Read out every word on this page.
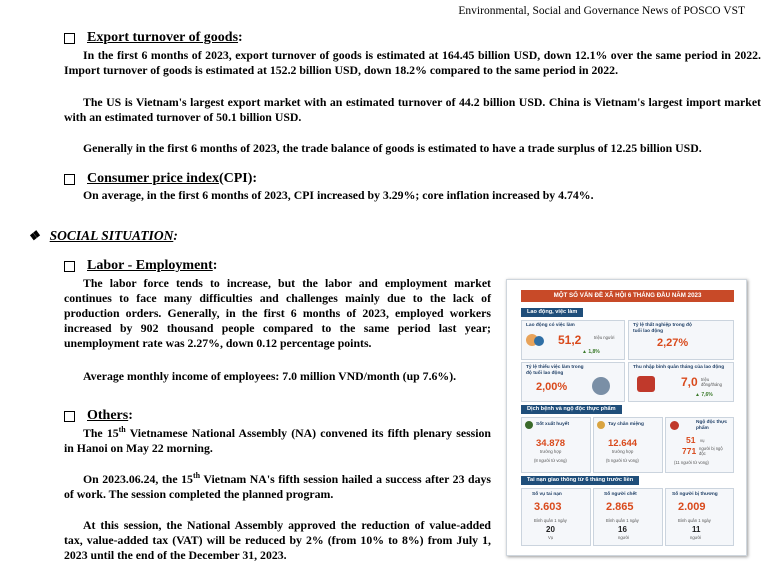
Environmental, Social and Governance News of POSCO VST
Export turnover of goods :
In the first 6 months of 2023, export turnover of goods is estimated at 164.45 billion USD, down 12.1% over the same period in 2022. Import turnover of goods is estimated at 152.2 billion USD, down 18.2% compared to the same period in 2022.
The US is Vietnam's largest export market with an estimated turnover of 44.2 billion USD. China is Vietnam's largest import market with an estimated turnover of 50.1 billion USD.
Generally in the first 6 months of 2023, the trade balance of goods is estimated to have a trade surplus of 12.25 billion USD.
Consumer price index (CPI):
On average, in the first 6 months of 2023, CPI increased by 3.29%; core inflation increased by 4.74%.
❖ SOCIAL SITUATION :
Labor - Employment :
The labor force tends to increase, but the labor and employment market continues to face many difficulties and challenges mainly due to the lack of production orders. Generally, in the first 6 months of 2023, employed workers increased by 902 thousand people compared to the same period last year; unemployment rate was 2.27%, down 0.12 percentage points.
Average monthly income of employees: 7.0 million VND/month (up 7.6%).
Others :
The 15th Vietnamese National Assembly (NA) convened its fifth plenary session in Hanoi on May 22 morning.
On 2023.06.24, the 15th Vietnam NA's fifth session hailed a success after 23 days of work. The session completed the planned program.
At this session, the National Assembly approved the reduction of value-added tax, value-added tax (VAT) will be reduced by 2% (from 10% to 8%) from July 1, 2023 until the end of the December 31, 2023.
MỘT SỐ VẤN ĐỀ XÃ HỘI 6 THÁNG ĐẦU NĂM 2023
Lao động, việc làm
Lao động có việc làm
51,2	triệu người
▲ 1,8%
Tỷ lệ thất nghiệp trong độ tuổi lao động
2,27%
Tỷ lệ thiếu việc làm trong độ tuổi lao động
2,00%
Thu nhập bình quân tháng của lao động
7,0 triệu đồng/tháng
▲ 7,6%
Dịch bệnh và ngộ độc thực phẩm
Sốt xuất huyết
34.878
trường hợp
(8 người tử vong)
Tay chân miệng
12.644
trường hợp
(5 người tử vong)
Ngộ độc thực phẩm
51 vụ
771 người bị ngộ độc
(11 người tử vong)
Tai nạn giao thông từ 6 tháng trước liền
Số vụ tai nạn
3.603
Bình quân 1 ngày
20
Vụ
Số người chết
2.865
Bình quân 1 ngày
16
người
Số người bị thương
2.009
Bình quân 1 ngày
11
người
